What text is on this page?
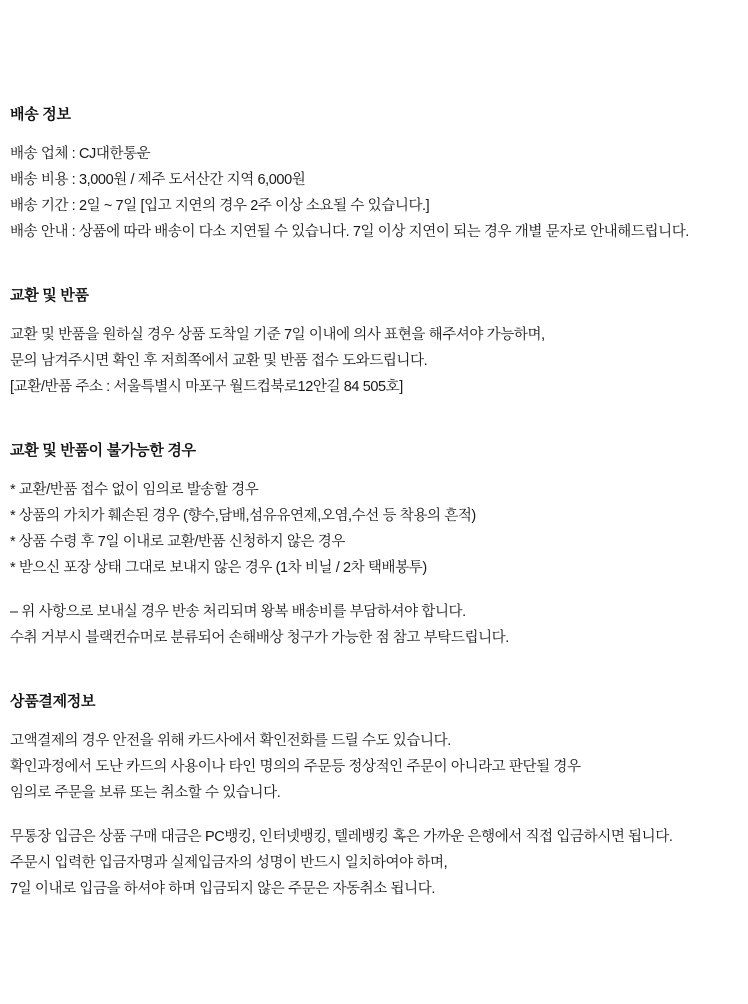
배송 정보
배송 업체 : CJ대한통운
배송 비용 : 3,000원 / 제주 도서산간 지역 6,000원
배송 기간 : 2일 ~ 7일 [입고 지연의 경우 2주 이상 소요될 수 있습니다.]
배송 안내 : 상품에 따라 배송이 다소 지연될 수 있습니다. 7일 이상 지연이 되는 경우 개별 문자로 안내해드립니다.
교환 및 반품
교환 및 반품을 원하실 경우 상품 도착일 기준 7일 이내에 의사 표현을 해주셔야 가능하며,
문의 남겨주시면 확인 후 저희쪽에서 교환 및 반품 접수 도와드립니다.
[교환/반품 주소 : 서울특별시 마포구 월드컵북로12안길 84 505호]
교환 및 반품이 불가능한 경우
* 교환/반품 접수 없이 임의로 발송할 경우
* 상품의 가치가 훼손된 경우 (향수,담배,섬유유연제,오염,수선 등 착용의 흔적)
* 상품 수령 후 7일 이내로 교환/반품 신청하지 않은 경우
* 받으신 포장 상태 그대로 보내지 않은 경우 (1차 비닐 / 2차 택배봉투)
– 위 사항으로 보내실 경우 반송 처리되며 왕복 배송비를 부담하셔야 합니다.
수취 거부시 블랙컨슈머로 분류되어 손해배상 청구가 가능한 점 참고 부탁드립니다.
상품결제정보
고액결제의 경우 안전을 위해 카드사에서 확인전화를 드릴 수도 있습니다.
확인과정에서 도난 카드의 사용이나 타인 명의의 주문등 정상적인 주문이 아니라고 판단될 경우
임의로 주문을 보류 또는 취소할 수 있습니다.
무통장 입금은 상품 구매 대금은 PC뱅킹, 인터넷뱅킹, 텔레뱅킹 혹은 가까운 은행에서 직접 입금하시면 됩니다.
주문시 입력한 입금자명과 실제입금자의 성명이 반드시 일치하여야 하며,
7일 이내로 입금을 하셔야 하며 입금되지 않은 주문은 자동취소 됩니다.
